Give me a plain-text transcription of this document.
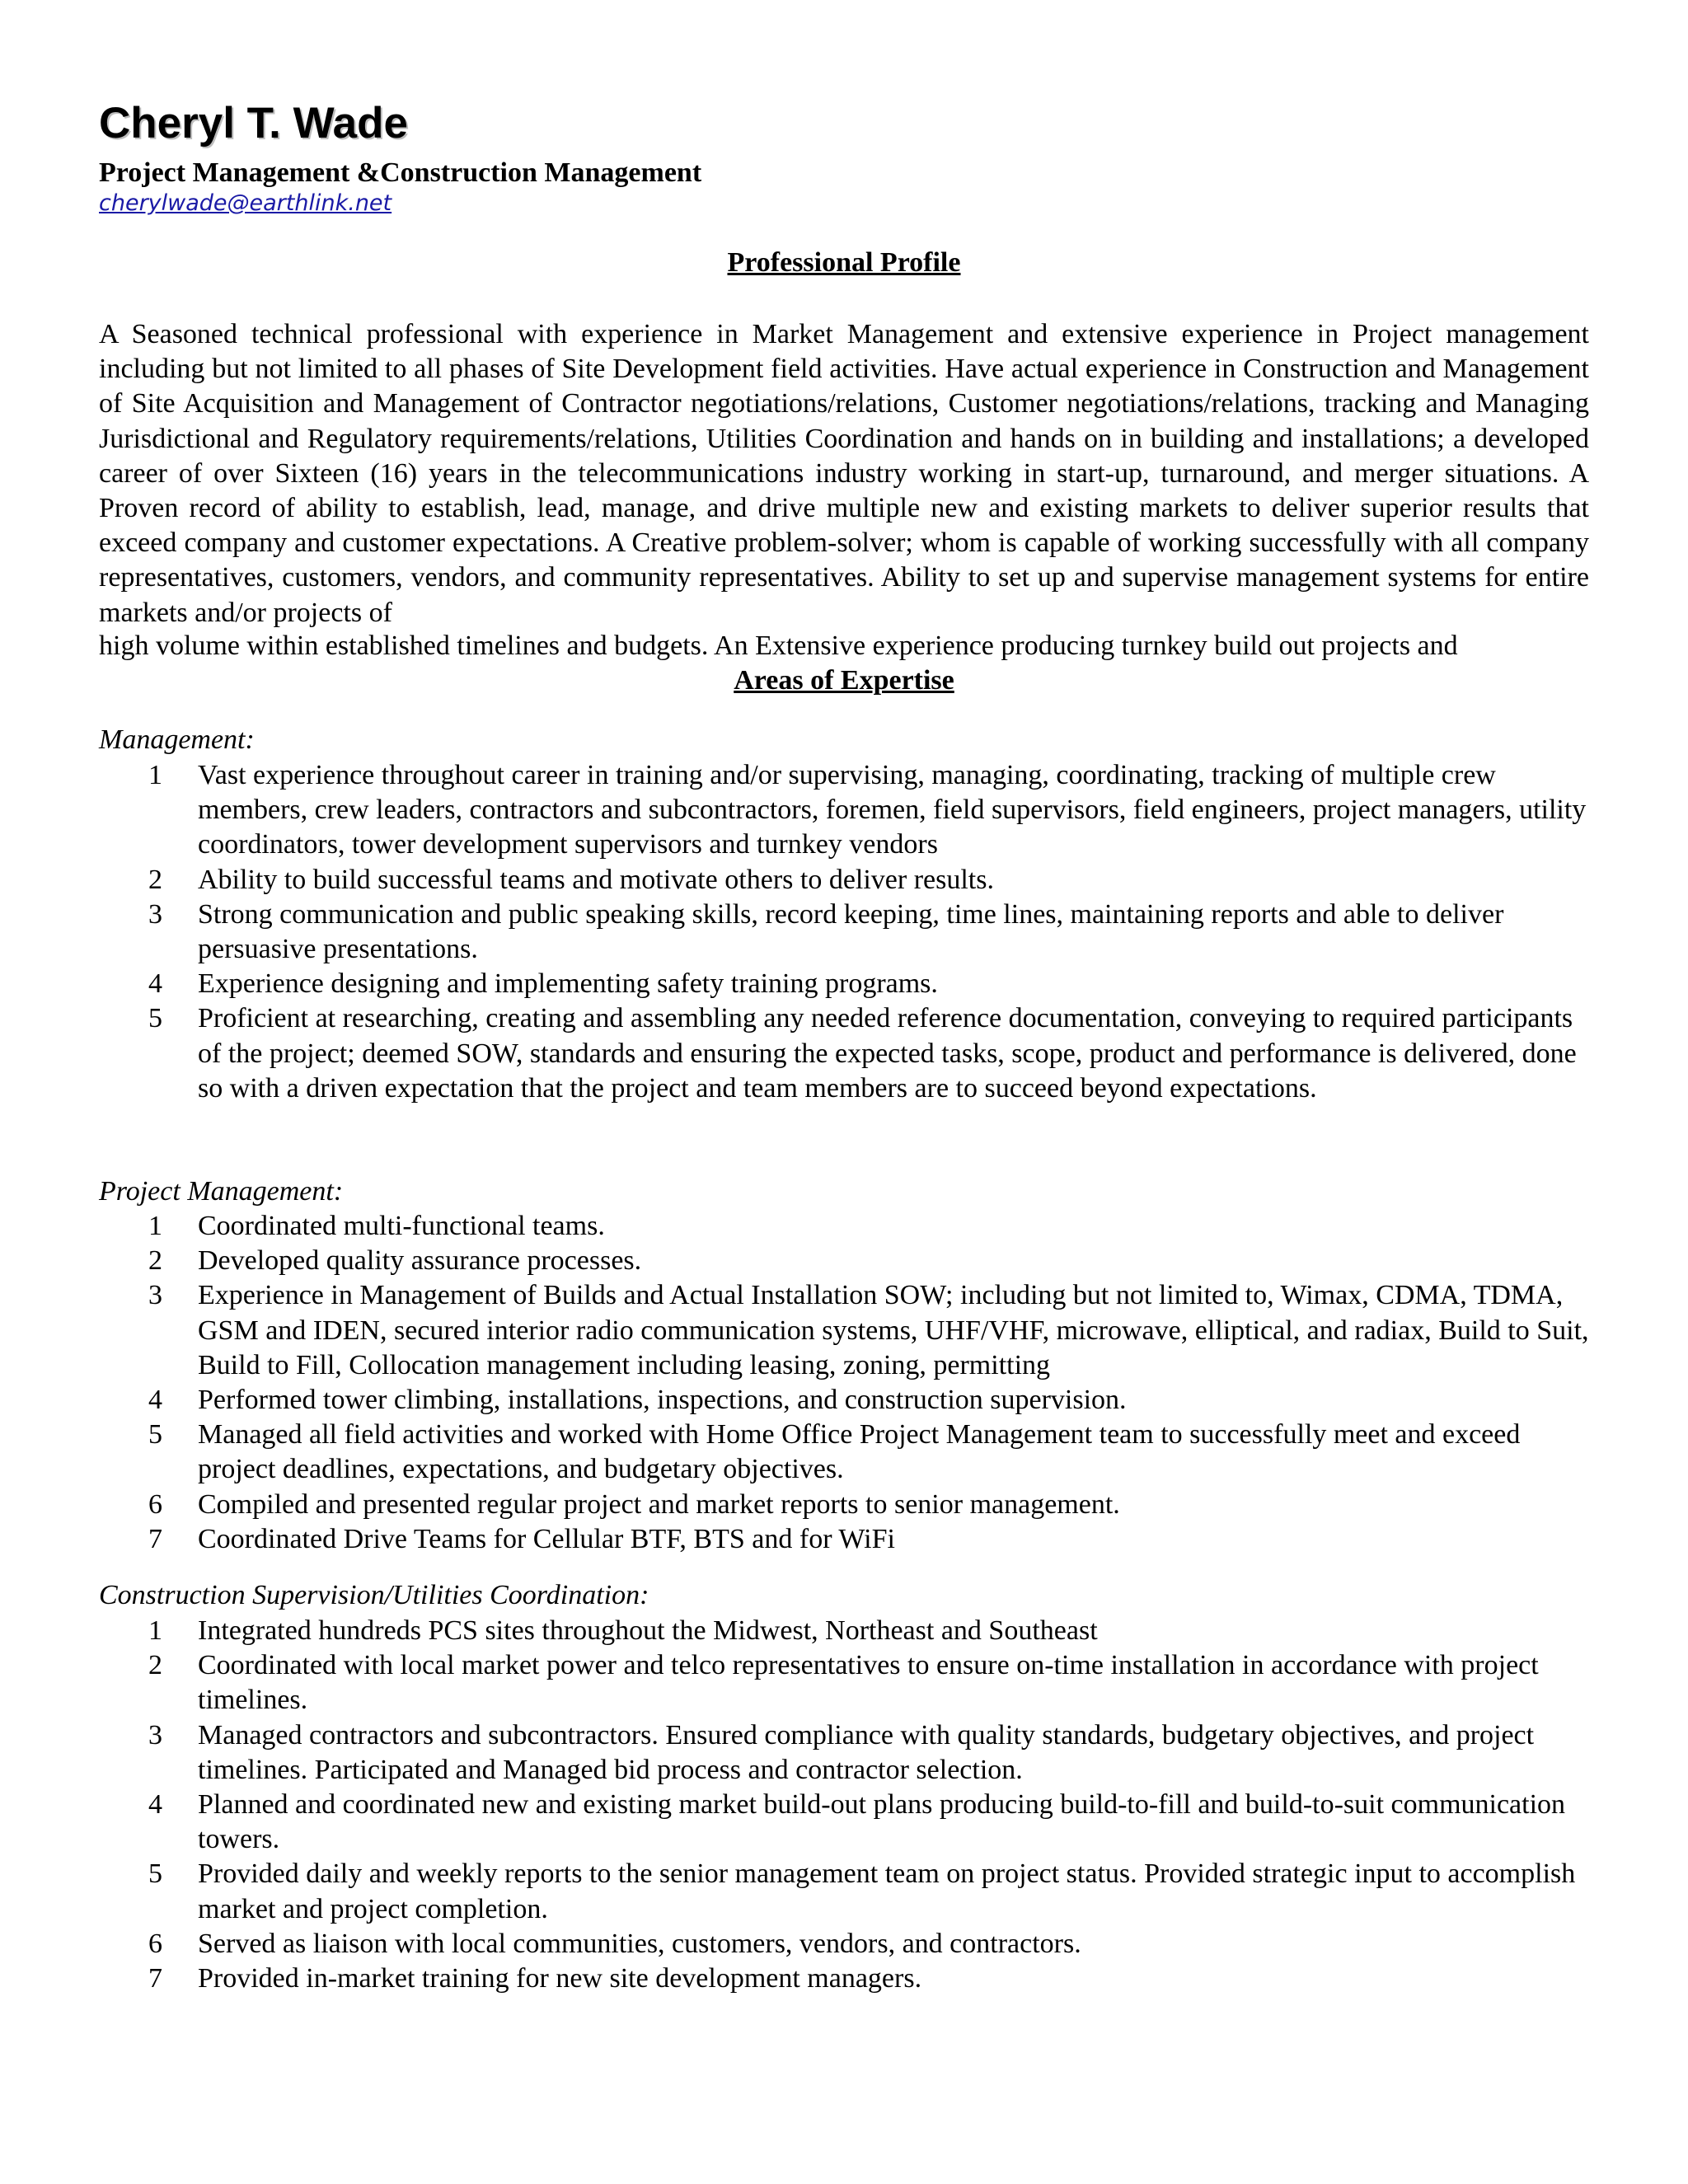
Cheryl T. Wade
Project Management &Construction Management
cherylwade@earthlink.net
Professional Profile

A Seasoned technical professional with experience in Market Management and extensive experience in Project management including but not limited to all phases of Site Development field activities. Have actual experience in Construction and Management of Site Acquisition and Management of Contractor negotiations/relations, Customer negotiations/relations, tracking and Managing Jurisdictional and Regulatory requirements/relations, Utilities Coordination and hands on in building and installations; a developed career of over Sixteen (16) years in the telecommunications industry working in start-up, turnaround, and merger situations. A Proven record of ability to establish, lead, manage, and drive multiple new and existing markets to deliver superior results that exceed company and customer expectations. A Creative problem-solver; whom is capable of working successfully with all company representatives, customers, vendors, and community representatives. Ability to set up and supervise management systems for entire markets and/or projects of

high volume within established timelines and budgets. An Extensive experience producing turnkey build out projects and

Areas of Expertise
Management:
1	Vast experience throughout career in training and/or supervising, managing, coordinating, tracking of multiple crew members, crew leaders, contractors and subcontractors, foremen, field supervisors, field engineers, project managers, utility coordinators, tower development supervisors and turnkey vendors
2	Ability to build successful teams and motivate others to deliver results.
3	Strong communication and public speaking skills, record keeping, time lines, maintaining reports and able to deliver persuasive presentations.
4	Experience designing and implementing safety training programs.
5	Proficient at researching, creating and assembling any needed reference documentation, conveying to required participants of the project; deemed SOW, standards and ensuring the expected tasks, scope, product and performance is delivered, done so with a driven expectation that the project and team members are to succeed beyond expectations.
Project Management:
1	Coordinated multi-functional teams.
2	Developed quality assurance processes.
3	Experience in Management of Builds and Actual Installation SOW; including but not limited to, Wimax, CDMA, TDMA, GSM and IDEN, secured interior radio communication systems, UHF/VHF, microwave, elliptical, and radiax, Build to Suit, Build to Fill, Collocation management including leasing, zoning, permitting
4	Performed tower climbing, installations, inspections, and construction supervision.
5	Managed all field activities and worked with Home Office Project Management team to successfully meet and exceed project deadlines, expectations, and budgetary objectives.
6	Compiled and presented regular project and market reports to senior management.
7	Coordinated Drive Teams for Cellular BTF, BTS and for WiFi
Construction Supervision/Utilities Coordination:
1	Integrated hundreds PCS sites throughout the Midwest, Northeast and Southeast
2	Coordinated with local market power and telco representatives to ensure on-time installation in accordance with project timelines.
3	Managed contractors and subcontractors. Ensured compliance with quality standards, budgetary objectives, and project timelines. Participated and Managed bid process and contractor selection.
4	Planned and coordinated new and existing market build-out plans producing build-to-fill and build-to-suit communication towers.
5	Provided daily and weekly reports to the senior management team on project status. Provided strategic input to accomplish market and project completion.
6	Served as liaison with local communities, customers, vendors, and contractors.
7	Provided in-market training for new site development managers.
